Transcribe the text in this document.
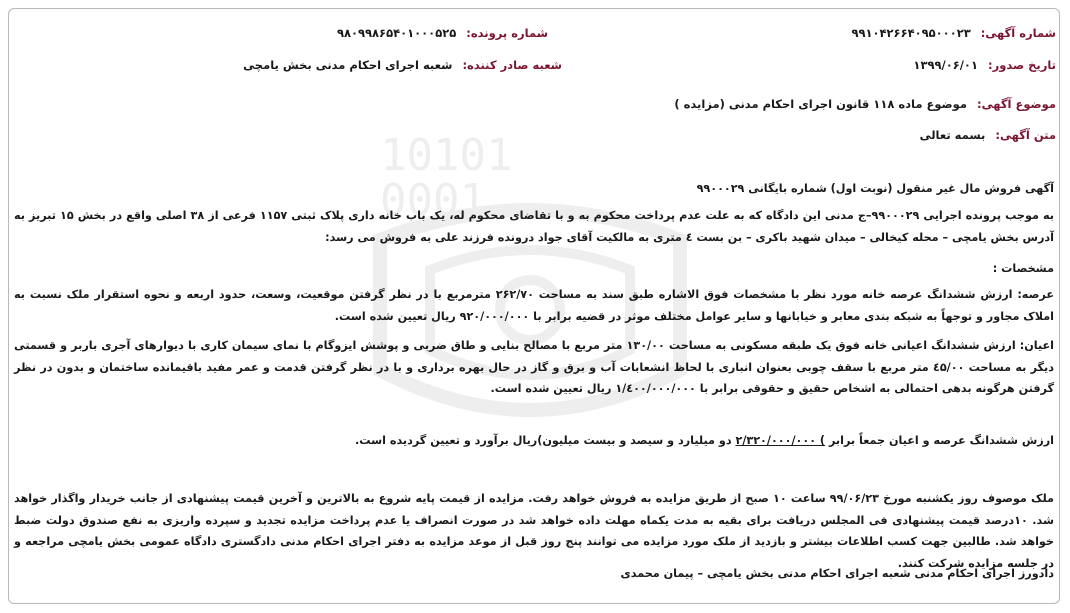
10101
0001
شماره آگهی: ۹۹۱۰۴۲۶۶۴۰۹۵۰۰۰۲۳
شماره پرونده: ۹۸۰۹۹۸۶۵۴۰۱۰۰۰۵۲۵
تاریخ صدور: ۱۳۹۹/۰۶/۰۱
شعبه صادر کننده: شعبه اجرای احکام مدنی بخش یامچی
موضوع آگهی: موضوع ماده ۱۱۸ قانون اجرای احکام مدنی (مزایده )
متن آگهی: بسمه تعالی
آگهی فروش مال غیر منقول (نوبت اول) شماره بایگانی ۹۹۰۰۰۲۹
به موجب پرونده اجرایی ۹۹۰۰۰۲۹–ج مدنی این دادگاه که به علت عدم پرداخت محکوم به و با تقاضای محکوم له، یک باب خانه داری پلاک ثبتی ۱۱۵۷ فرعی از ۳۸ اصلی واقع در بخش ۱۵ تبریز به آدرس بخش یامچی – محله کیخالی – میدان شهید باکری – بن بست ٤ متری به مالکیت آقای جواد درونده فرزند علی به فروش می رسد:
مشخصات :
عرصه: ارزش ششدانگ عرصه خانه مورد نظر با مشخصات فوق الاشاره طبق سند به مساحت ۲۶۲/۷۰ مترمربع با در نظر گرفتن موقعیت، وسعت، حدود اربعه و نحوه استقرار ملک نسبت به املاک مجاور و توجهاً به شبکه بندی معابر و خیابانها و سایر عوامل مختلف موثر در قضیه برابر با ۹۲۰/۰۰۰/۰۰۰ ریال تعیین شده است.
اعیان: ارزش ششدانگ اعیانی خانه فوق یک طبقه مسکونی به مساحت ۱۳۰/۰۰ متر مربع با مصالح بنایی و طاق ضربی و پوشش ایزوگام با نمای سیمان کاری با دیوارهای آجری باربر و قسمتی دیگر به مساحت ٤۵/۰۰ متر مربع با سقف چوبی بعنوان انباری با لحاظ انشعابات آب و برق و گاز در حال بهره برداری و با در نظر گرفتن قدمت و عمر مفید باقیمانده ساختمان و بدون در نظر گرفتن هرگونه بدهی احتمالی به اشخاص حقیق و حقوقی برابر با ۱/٤۰۰/۰۰۰/۰۰۰ ریال تعیین شده است.
ارزش ششدانگ عرصه و اعیان جمعاً برابر ) ۲/۳۲۰/۰۰۰/۰۰۰ دو میلیارد و سیصد و بیست میلیون)ریال برآورد و تعیین گردیده است.
ملک موصوف روز یکشنبه مورخ ۹۹/۰۶/۲۳ ساعت ۱۰ صبح از طریق مزایده به فروش خواهد رفت. مزایده از قیمت پایه شروع به بالاترین و آخرین قیمت پیشنهادی از جانب خریدار واگذار خواهد شد. ۱۰درصد قیمت پیشنهادی فی المجلس دریافت برای بقیه به مدت یکماه مهلت داده خواهد شد در صورت انصراف یا عدم پرداخت مزایده تجدید و سپرده واریزی به نفع صندوق دولت ضبط خواهد شد. طالبین جهت کسب اطلاعات بیشتر و بازدید از ملک مورد مزایده می توانند پنج روز قبل از موعد مزایده به دفتر اجرای احکام مدنی دادگستری دادگاه عمومی بخش یامچی مراجعه و در جلسه مزایده شرکت کنند.
دادورز اجرای احکام مدنی شعبه اجرای احکام مدنی بخش یامچی – پیمان محمدی
